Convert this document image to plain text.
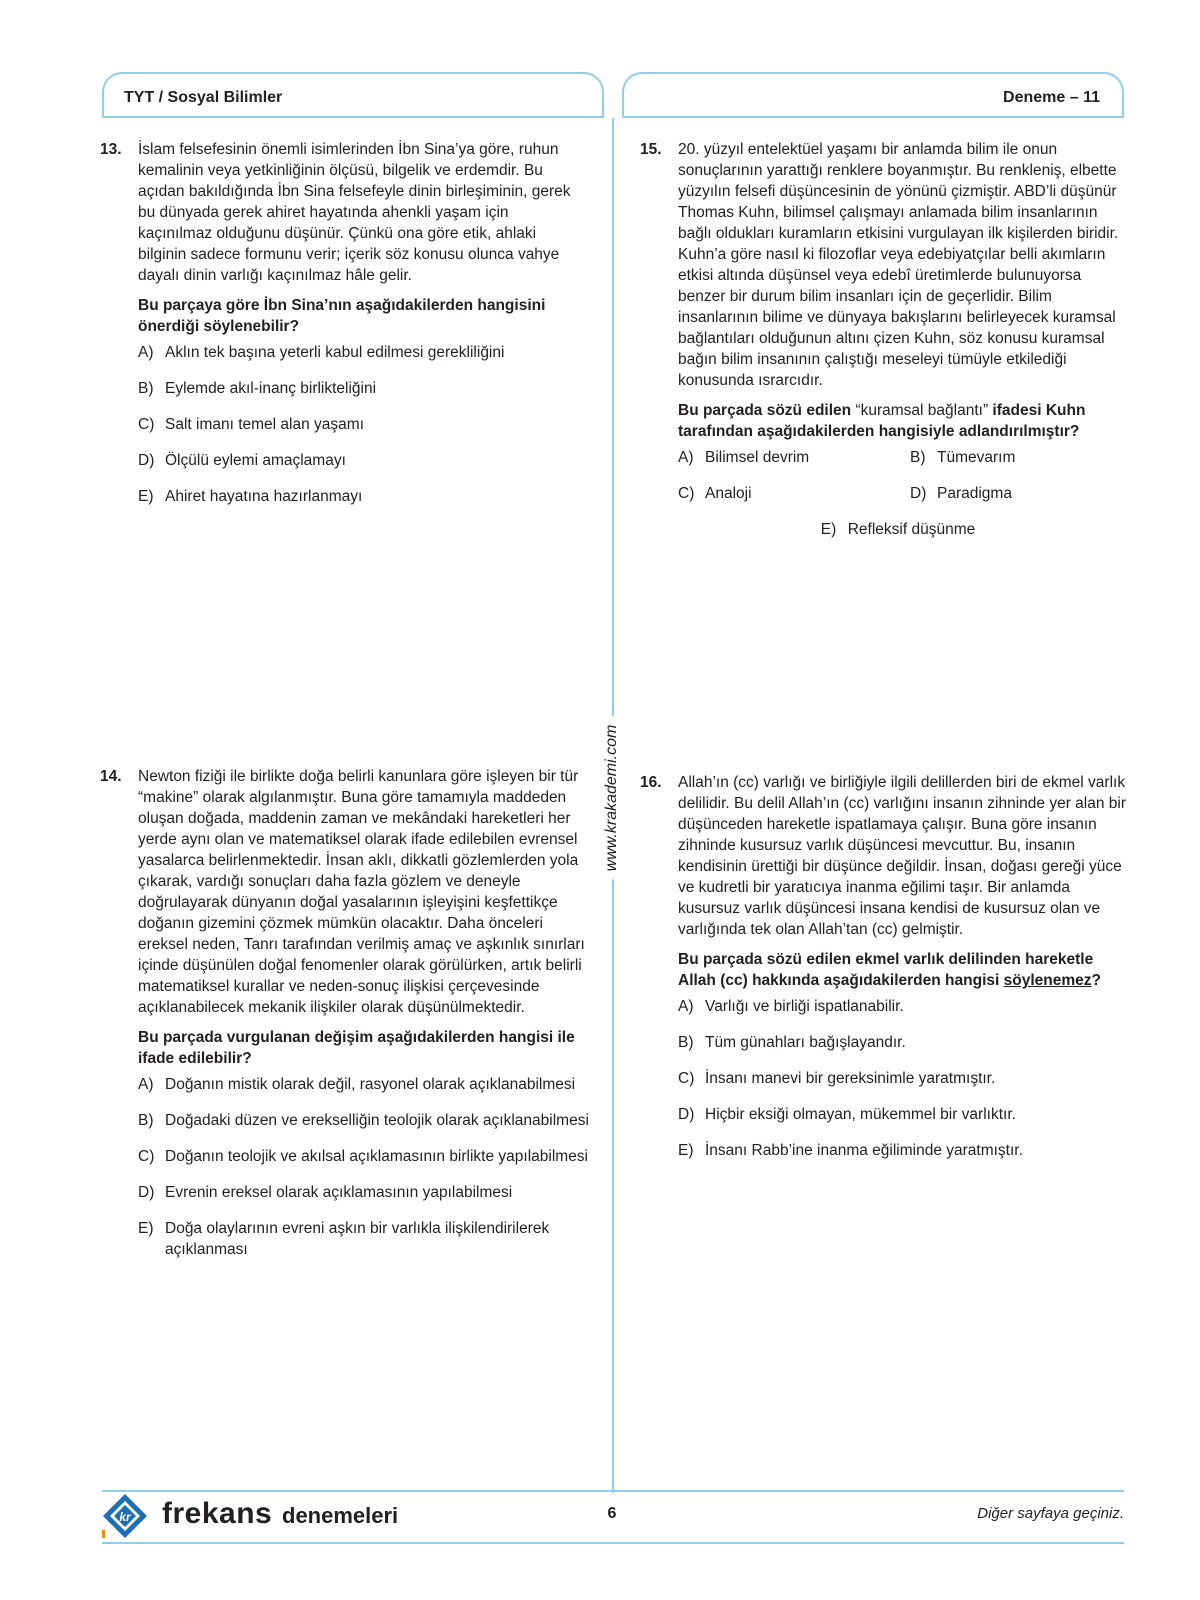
TYT / Sosyal Bilimler	Deneme – 11
www.krakademi.com
13. İslam felsefesinin önemli isimlerinden İbn Sina’ya göre, ruhun kemalinin veya yetkinliğinin ölçüsü, bilgelik ve erdemdir. Bu açıdan bakıldığında İbn Sina felsefeyle dinin birleşiminin, gerek bu dünyada gerek ahiret hayatında ahenkli yaşam için kaçınılmaz olduğunu düşünür. Çünkü ona göre etik, ahlaki bilginin sadece formunu verir; içerik söz konusu olunca vahye dayalı dinin varlığı kaçınılmaz hâle gelir.

Bu parçaya göre İbn Sina’nın aşağıdakilerden hangisini önerdiği söylenebilir?

A) Aklın tek başına yeterli kabul edilmesi gerekliliğini
B) Eylemde akıl-inanç birlikteliğini
C) Salt imanı temel alan yaşamı
D) Ölçülü eylemi amaçlamayı
E) Ahiret hayatına hazırlanmayı
14. Newton fiziği ile birlikte doğa belirli kanunlara göre işleyen bir tür “makine” olarak algılanmıştır. Buna göre tamamıyla maddeden oluşan doğada, maddenin zaman ve mekândaki hareketleri her yerde aynı olan ve matematiksel olarak ifade edilebilen evrensel yasalarca belirlenmektedir. İnsan aklı, dikkatli gözlemlerden yola çıkarak, vardığı sonuçları daha fazla gözlem ve deneyle doğrulayarak dünyanın doğal yasalarının işleyişini keşfettikçe doğanın gizemini çözmek mümkün olacaktır. Daha önceleri ereksel neden, Tanrı tarafından verilmiş amaç ve aşkınlık sınırları içinde düşünülen doğal fenomenler olarak görülürken, artık belirli matematiksel kurallar ve neden-sonuç ilişkisi çerçevesinde açıklanabilecek mekanik ilişkiler olarak düşünülmektedir.

Bu parçada vurgulanan değişim aşağıdakilerden hangisi ile ifade edilebilir?

A) Doğanın mistik olarak değil, rasyonel olarak açıklanabilmesi
B) Doğadaki düzen ve erekselliğin teolojik olarak açıklanabilmesi
C) Doğanın teolojik ve akılsal açıklamasının birlikte yapılabilmesi
D) Evrenin ereksel olarak açıklamasının yapılabilmesi
E) Doğa olaylarının evreni aşkın bir varlıkla ilişkilendirilerek açıklanması
15. 20. yüzyıl entelektüel yaşamı bir anlamda bilim ile onun sonuçlarının yarattığı renklere boyanmıştır. Bu renkleniş, elbette yüzyılın felsefi düşüncesinin de yönünü çizmiştir. ABD’li düşünür Thomas Kuhn, bilimsel çalışmayı anlamada bilim insanlarının bağlı oldukları kuramların etkisini vurgulayan ilk kişilerden biridir. Kuhn’a göre nasıl ki filozoflar veya edebiyatçılar belli akımların etkisi altında düşünsel veya edebî üretimlerde bulunuyorsa benzer bir durum bilim insanları için de geçerlidir. Bilim insanlarının bilime ve dünyaya bakışlarını belirleyecek kuramsal bağlantıları olduğunun altını çizen Kuhn, söz konusu kuramsal bağın bilim insanının çalıştığı meseleyi tümüyle etkilediği konusunda ısrarcıdır.

Bu parçada sözü edilen “kuramsal bağlantı” ifadesi Kuhn tarafından aşağıdakilerden hangisiyle adlandırılmıştır?

A) Bilimsel devrim	B) Tümevarım
C) Analoji	D) Paradigma
E) Refleksif düşünme
16. Allah’ın (cc) varlığı ve birliğiyle ilgili delillerden biri de ekmel varlık delilidir. Bu delil Allah’ın (cc) varlığını insanın zihninde yer alan bir düşünceden hareketle ispatlamaya çalışır. Buna göre insanın zihninde kusursuz varlık düşüncesi mevcuttur. Bu, insanın kendisinin ürettiği bir düşünce değildir. İnsan, doğası gereği yüce ve kudretli bir yaratıcıya inanma eğilimi taşır. Bir anlamda kusursuz varlık düşüncesi insana kendisi de kusursuz olan ve varlığında tek olan Allah’tan (cc) gelmiştir.

Bu parçada sözü edilen ekmel varlık delilinden hareketle Allah (cc) hakkında aşağıdakilerden hangisi söylenemez?

A) Varlığı ve birliği ispatlanabilir.
B) Tüm günahları bağışlayandır.
C) İnsanı manevi bir gereksinimle yaratmıştır.
D) Hiçbir eksiği olmayan, mükemmel bir varlıktır.
E) İnsanı Rabb’ine inanma eğiliminde yaratmıştır.
kr frekans denemeleri	6	Diğer sayfaya geçiniz.
